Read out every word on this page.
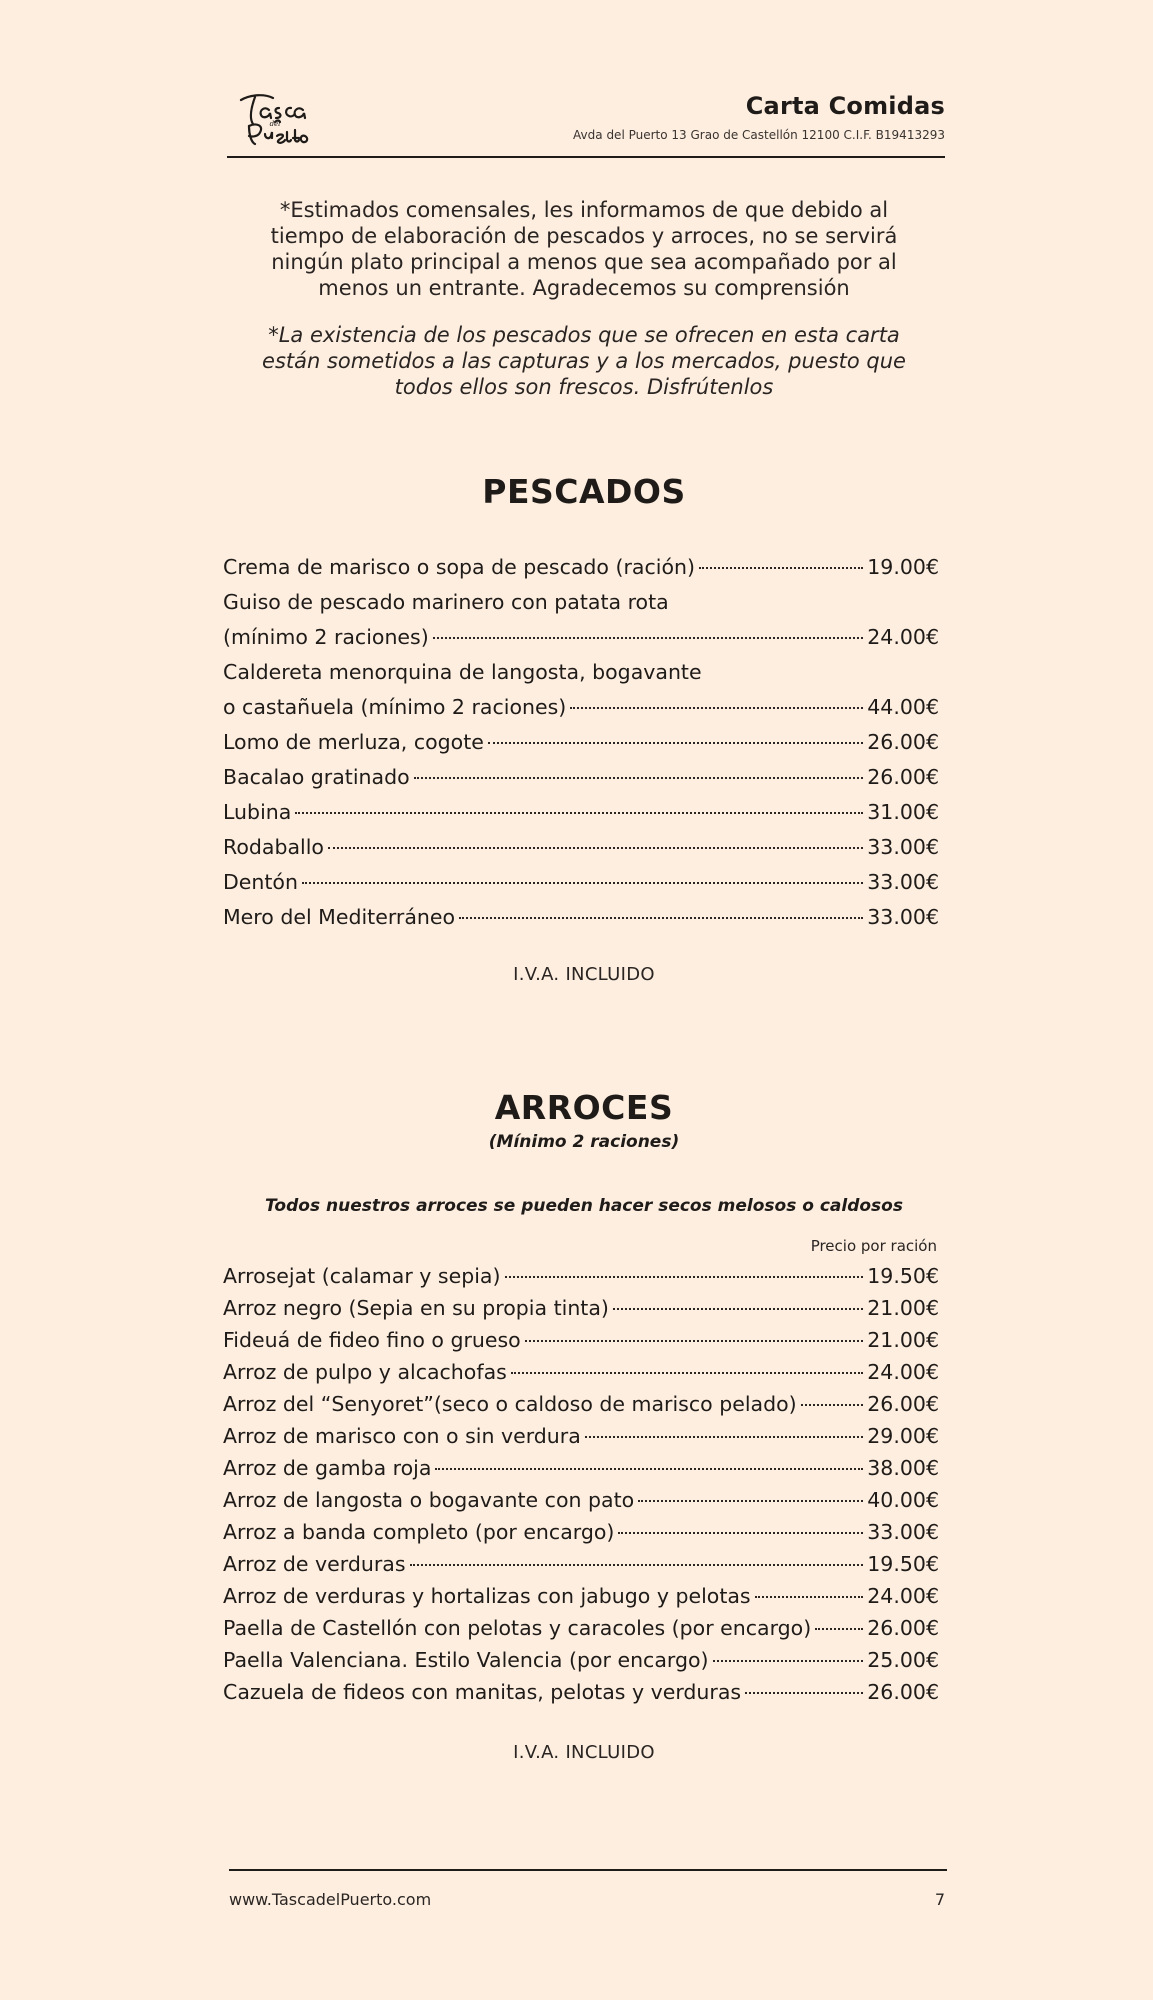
del
Carta Comidas
Avda del Puerto 13 Grao de Castellón 12100 C.I.F. B19413293
*Estimados comensales, les informamos de que debido al tiempo de elaboración de pescados y arroces, no se servirá ningún plato principal a menos que sea acompañado por al menos un entrante. Agradecemos su comprensión
*La existencia de los pescados que se ofrecen en esta carta están sometidos a las capturas y a los mercados, puesto que todos ellos son frescos. Disfrútenlos
PESCADOS
Crema de marisco o sopa de pescado (ración)	19.00€
Guiso de pescado marinero con patata rota
(mínimo 2 raciones)	24.00€
Caldereta menorquina de langosta, bogavante
o castañuela (mínimo 2 raciones)	44.00€
Lomo de merluza, cogote	26.00€
Bacalao gratinado	26.00€
Lubina	31.00€
Rodaballo	33.00€
Dentón	33.00€
Mero del Mediterráneo	33.00€
I.V.A. INCLUIDO
ARROCES
(Mínimo 2 raciones)
Todos nuestros arroces se pueden hacer secos melosos o caldosos
Precio por ración
Arrosejat (calamar y sepia)	19.50€
Arroz negro (Sepia en su propia tinta)	21.00€
Fideuá de fideo fino o grueso	21.00€
Arroz de pulpo y alcachofas	24.00€
Arroz del “Senyoret”(seco o caldoso de marisco pelado)	26.00€
Arroz de marisco con o sin verdura	29.00€
Arroz de gamba roja	38.00€
Arroz de langosta o bogavante con pato	40.00€
Arroz a banda completo (por encargo)	33.00€
Arroz de verduras	19.50€
Arroz de verduras y hortalizas con jabugo y pelotas	24.00€
Paella de Castellón con pelotas y caracoles (por encargo)	26.00€
Paella Valenciana. Estilo Valencia (por encargo)	25.00€
Cazuela de fideos con manitas, pelotas y verduras	26.00€
I.V.A. INCLUIDO
www.TascadelPuerto.com	7
